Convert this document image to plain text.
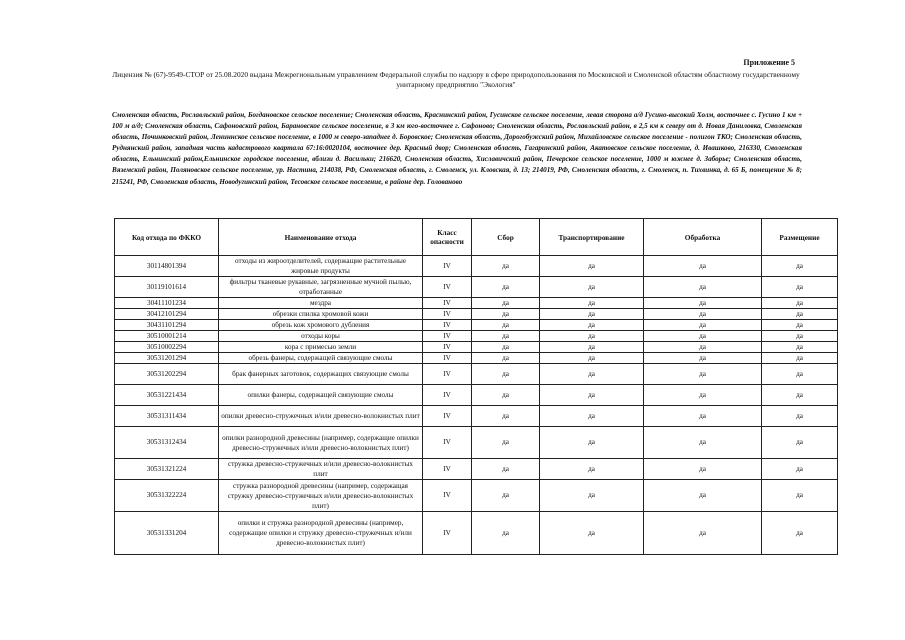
Приложение 5
Лицензия № (67)-9549-СТОР от 25.08.2020 выдана Межрегиональным управлением Федеральной службы по надзору в сфере природопользования по Московской и Смоленской областям областному государственному унитарному предприятию "Экология"
Смоленская область, Рославльский район, Богдановское сельское поселение; Смоленская область, Краснинский район, Гусинское сельское поселение, левая сторона а/д Гусино-высокий Холм, восточнее с. Гусино 1 км + 100 м а/д; Смоленская область, Сафоновский район, Барановское сельское поселение, в 3 км юго-восточнее г. Сафоново; Смоленская область, Рославльский район, в 2,5 км к северу от д. Новая Даниловка, Смоленская область, Починковский район, Лениннское сельское поселение, в 1000 м северо-западнее д. Боровское; Смоленская область, Дорогобужский район, Михайловское сельское поселение - полигон ТКО; Смоленская область, Руднянский район, западная часть кадастрового квартала 67:16:0020104, восточнее дер. Красный двор; Смоленская область, Гагаринский район, Акатовское сельское поселение, д. Ивашково, 216330, Смоленская область, Ельнинский район,Ельнинское городское поселение, вблизи д. Васильки; 216620, Смоленская область, Хиславичский район, Печерское сельское поселение, 1000 м южнее д. Заборье; Смоленская область, Вяземский район, Поляновское сельское поселение, ур. Настина, 214038, РФ, Смоленская область, г. Смоленск, ул. Кловская, д. 13; 214019, РФ, Смоленская область, г. Смоленск, п. Тихвинка, д. 65 Б, помещение № 8; 215241, РФ, Смоленская область, Новодугинский район, Тесовское сельское поселение, в районе дер. Голованово
Код отхода по ФККО	Наименование отхода	Класс опасности	Сбор	Транспортирование	Обработка	Размещение
30114801394	отходы из жироотделителей, содержащие растительные жировые продукты	IV	да	да	да	да
30119101614	фильтры тканевые рукавные, загрязненные мучной пылью, отработанные	IV	да	да	да	да
30411101234	мездра	IV	да	да	да	да
30412101294	обрезки спилка хромовой кожи	IV	да	да	да	да
30431101294	обрезь кож хромового дубления	IV	да	да	да	да
30510001214	отходы коры	IV	да	да	да	да
30510002294	кора с примесью земли	IV	да	да	да	да
30531201294	обрезь фанеры, содержащей связующие смолы	IV	да	да	да	да
30531202294	брак фанерных заготовок, содержащих связующие смолы	IV	да	да	да	да
30531221434	опилки фанеры, содержащей связующие смолы	IV	да	да	да	да
30531311434	опилки древесно-стружечных и/или древесно-волокнистых плит	IV	да	да	да	да
30531312434	опилки разнородной древесины (например, содержащие опилки древесно-стружечных и/или древесно-волокнистых плит)	IV	да	да	да	да
30531321224	стружка древесно-стружечных и/или древесно-волокнистых плит	IV	да	да	да	да
30531322224	стружка разнородной древесины (например, содержащая стружку древесно-стружечных и/или древесно-волокнистых плит)	IV	да	да	да	да
30531331204	опилки и стружка разнородной древесины (например, содержащие опилки и стружку древесно-стружечных и/или древесно-волокнистых плит)	IV	да	да	да	да
